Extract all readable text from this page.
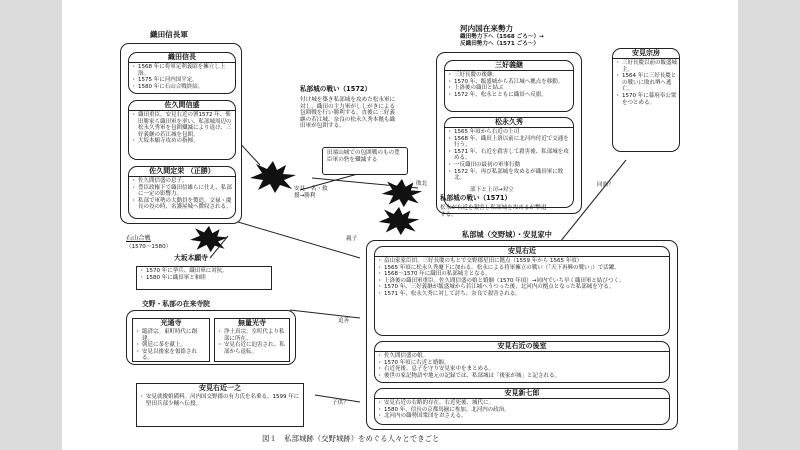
織田信長軍
織田信長
・ 1568 年に将軍足利義昭を擁立し上洛。
・ 1575 年に河内国平定。
・ 1580 年に石山合戦終結。
佐久間信盛
・ 織田重臣。安見右近の署1572 年、柴田勝家ら織田軍を率い、私部城周辺の松永久秀軍を包囲殲滅により退け、三好義継の若江城を包囲。
・ 大坂本願寺攻めの指揮。
佐久間定栄 （正勝）
・ 佐久間信盛の息子。
・ 豊臣政権下で織田信雄らに仕え、私部に一定の影響力。
・ 私部で軍勢の大動員を製造。文禄・慶長の役の時、名護屋城へ徴収される。
河内国在来勢力
織田勢力下へ（1568 ごろ～）→
反織田勢力へ（1571 ごろ～）
三好義継
・ 三好長慶の後継。
・ 1570 年、飯盛城から若江城へ拠点を移動。
・ 上洛後の織田と結ぶ
・ 1572 年、松永とともに織田へ反旗。
松永久秀
・ 1565 年頃から右近の上司
・ 1568 年、織田上洛以前に北河内付近で交通を行う。
・ 1571 年、右近を殺害して殺害後、私部城を攻める。
・ 一反織田の最初の軍事行動
・ 1572 年、再び私部城を攻めるが織田軍に敗北。
安見宗房
・ 三好長慶以前の飯盛城主。
・ 1564 年に三好長慶との戦いに敗れ堺へ逃亡。
・ 1570 年に幕府奉公衆をつとめる。
同族？
私部城の戦い（1572）
付け城を築き私部城を攻めた松永軍に対し、織田の主力軍がししがきによる包囲戦を行い勝利する。直後に三好義継の若江城、奈良の松永久秀本拠も織田軍が包囲する。
田端山城での包囲戦のもの豊臣軍の砦を殲滅する
安見・名・救援→勝利
敗北
部下と上司→対立
私部城の戦い（1571）
松永が右近を殺害し私部城を攻めるが撃退する。
石山合戦
（1570～1580）
大坂本願寺
・ 1570 年に挙兵、織田軍に対抗。
・ 1580 年に織田軍と和睦
交野・私部の在来寺院
光通寺
・ 臨済宗。東町時代に創建。
・ 朝廷に茶を献上。
・ 安見以後家を領絡される。
無量光寺
・ 浄土真宗。室町代より私部に所在。
・ 安見右近に迫害され、私部から退転。
安見右近一之
・ 安見就俊娘備料。河内国交野郡の有力氏を名乗る。1599 年に堅田兵部少輔へ伝授。
親子
追善
子供？
私部城（交野城）・安見家中
安見右近
・ 畠山家家臣団。三好長慶のもとで交野郡星田に拠点（1559 年から 1565 年頃）
・ 1565 年頃に松永久秀麾下に加わる。松永による将軍擁立の戦い（「天下再興の戦い」）で活躍。
・ 1568～1570 年に織田の私部城主となる。
・ 上洛後の織田軍重臣。佐久間信盛の娘と婚姻（1570 年頃）→同内でいち早く織田軍と結びつく。
・ 1570 年、三好義継が飯盛城から若江城へうつった後、北河内の拠点となった私部城を守る。
・ 1571 年、松永久秀に対して討ち、奈良で殺害される。
安見右近の後室
・ 佐久間信盛の娘。
・ 1570 年頃に右近と婚姻。
・ 右近死後、息子を守り安見家中をまとめる。
・ 後世の家記物語や地元の記録では、私部城は「後家が城」と記される。
安見新七郎
・ 安見右近の右略的存在。右近死後、城代に。
・ 1580 年、信長の京都馬揃に参加。北河内の政治。
・ 北河内の織勢国衆団をおさえる。
図１　私部城跡（交野城跡）をめぐる人々とできごと
